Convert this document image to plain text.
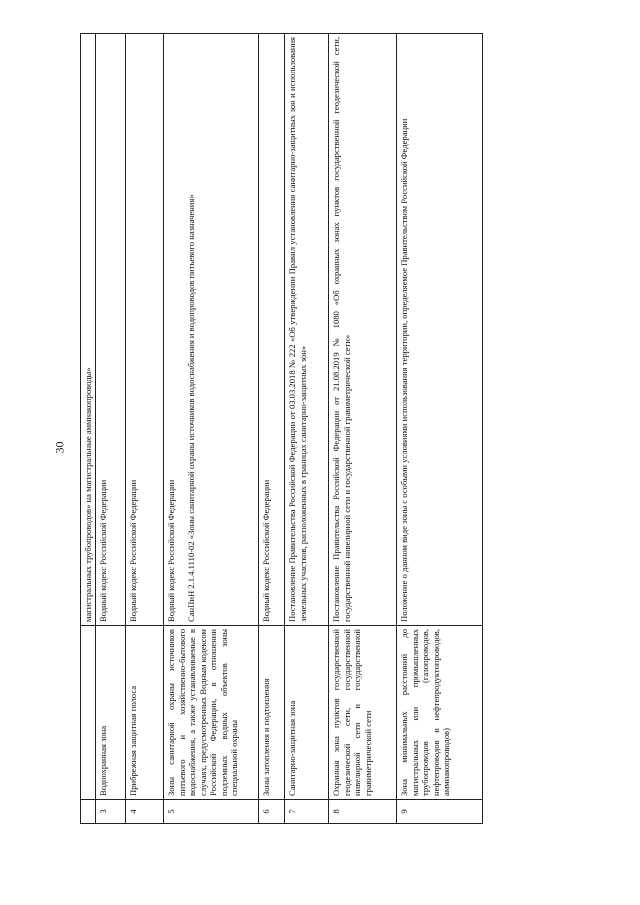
30
		магистральных трубопроводов» на магистральные аммиакопроводы»
3	Водоохранная зона	Водный кодекс Российской Федерации
4	Прибрежная защитная полоса	Водный кодекс Российской Федерации
5	Зоны санитарной охраны источников питьевого и хозяйственно-бытового водоснабжения, а также устанавливаемые в случаях, предусмотренных Водным кодексом Российской Федерации, в отношении подземных водных объектов зоны специальной охраны	Водный кодекс Российской Федерации СанПиН 2.1.4.1110-02 «Зоны санитарной охраны источников водоснабжения и водопроводов питьевого назначения»

6	Зоны затопления и подтопления	Водный кодекс Российской Федерации
7	Санитарно-защитная зона	Постановление Правительства Российской Федерации от 03.03.2018 № 222 «Об утверждении Правил установления санитарно-защитных зон и использования земельных участков, расположенных в границах санитарно-защитных зон»
8	Охранная зона пунктов государственной геодезической сети, государственной нивелирной сети и государственной гравиметрической сети	Постановление Правительства Российской Федерации от 21.08.2019 № 1080 «Об охранных зонах пунктов государственной геодезической сети, государственной нивелирной сети и государственной гравиметрической сети»
9	Зона минимальных расстояний до магистральных или промышленных трубопроводов (газопроводов, нефтепроводов и нефтепродуктопроводов, аммиакопроводов)	Положение о данном виде зоны с особыми условиями использования территории, определяемое Правительством Российской Федерации
